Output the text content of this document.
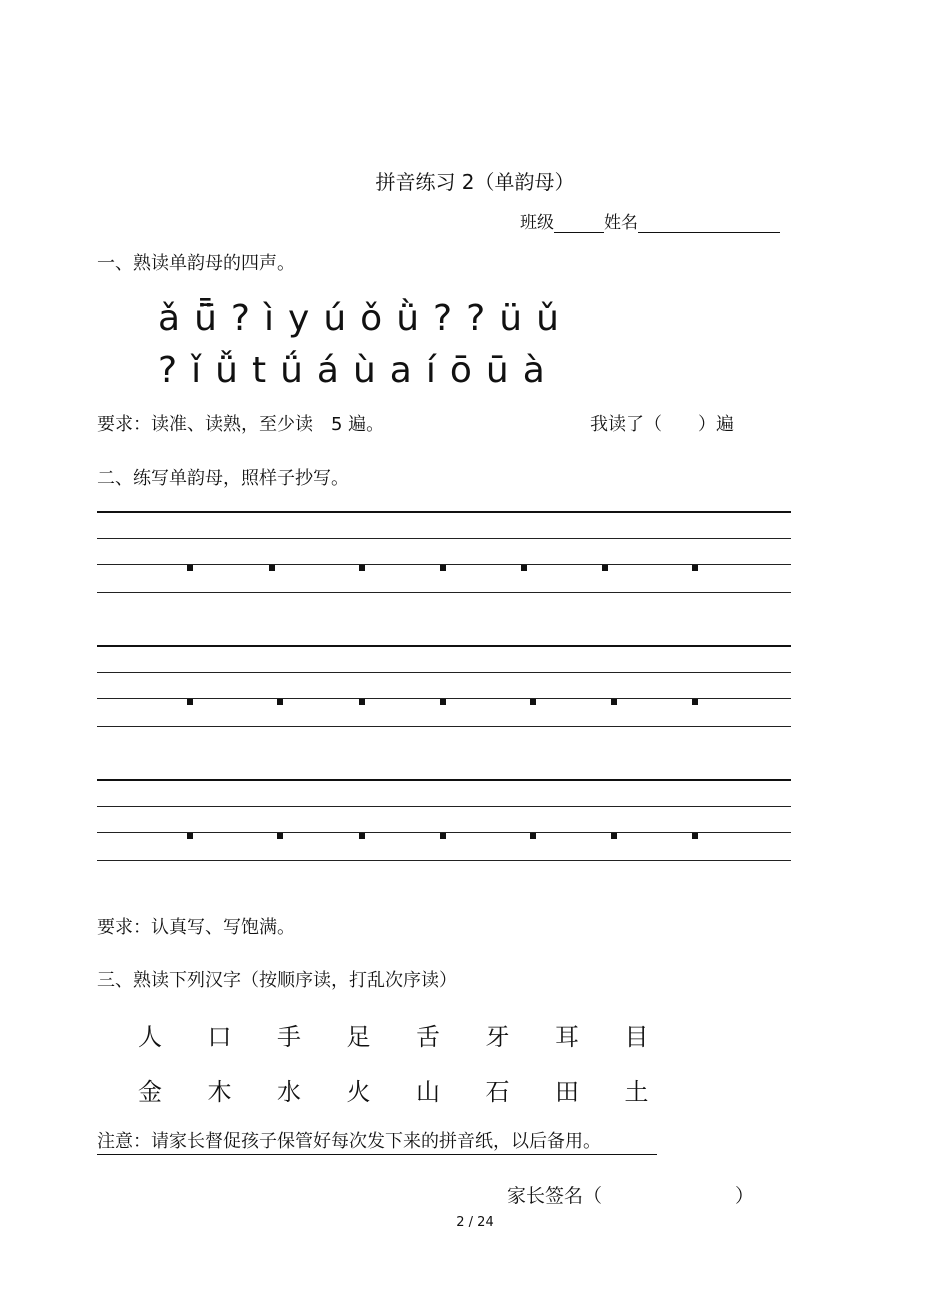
拼音练习 2（单韵母）
班级	姓名
一、熟读单韵母的四声。
ǎ ǖ̄ ? ì y ú ǒ ǜ ? ? ü ǔ
? ǐ ǚ t ǘ á ù a í ō ū à
要求：读准、读熟，至少读　5 遍。	我读了（　　）遍
二、练写单韵母，照样子抄写。
要求：认真写、写饱满。
三、熟读下列汉字（按顺序读，打乱次序读）
人 口 手 足 舌 牙 耳 目
金 木 水 火 山 石 田 土
注意：请家长督促孩子保管好每次发下来的拼音纸，以后备用。
家长签名（　　　　　　　）
2 / 24
